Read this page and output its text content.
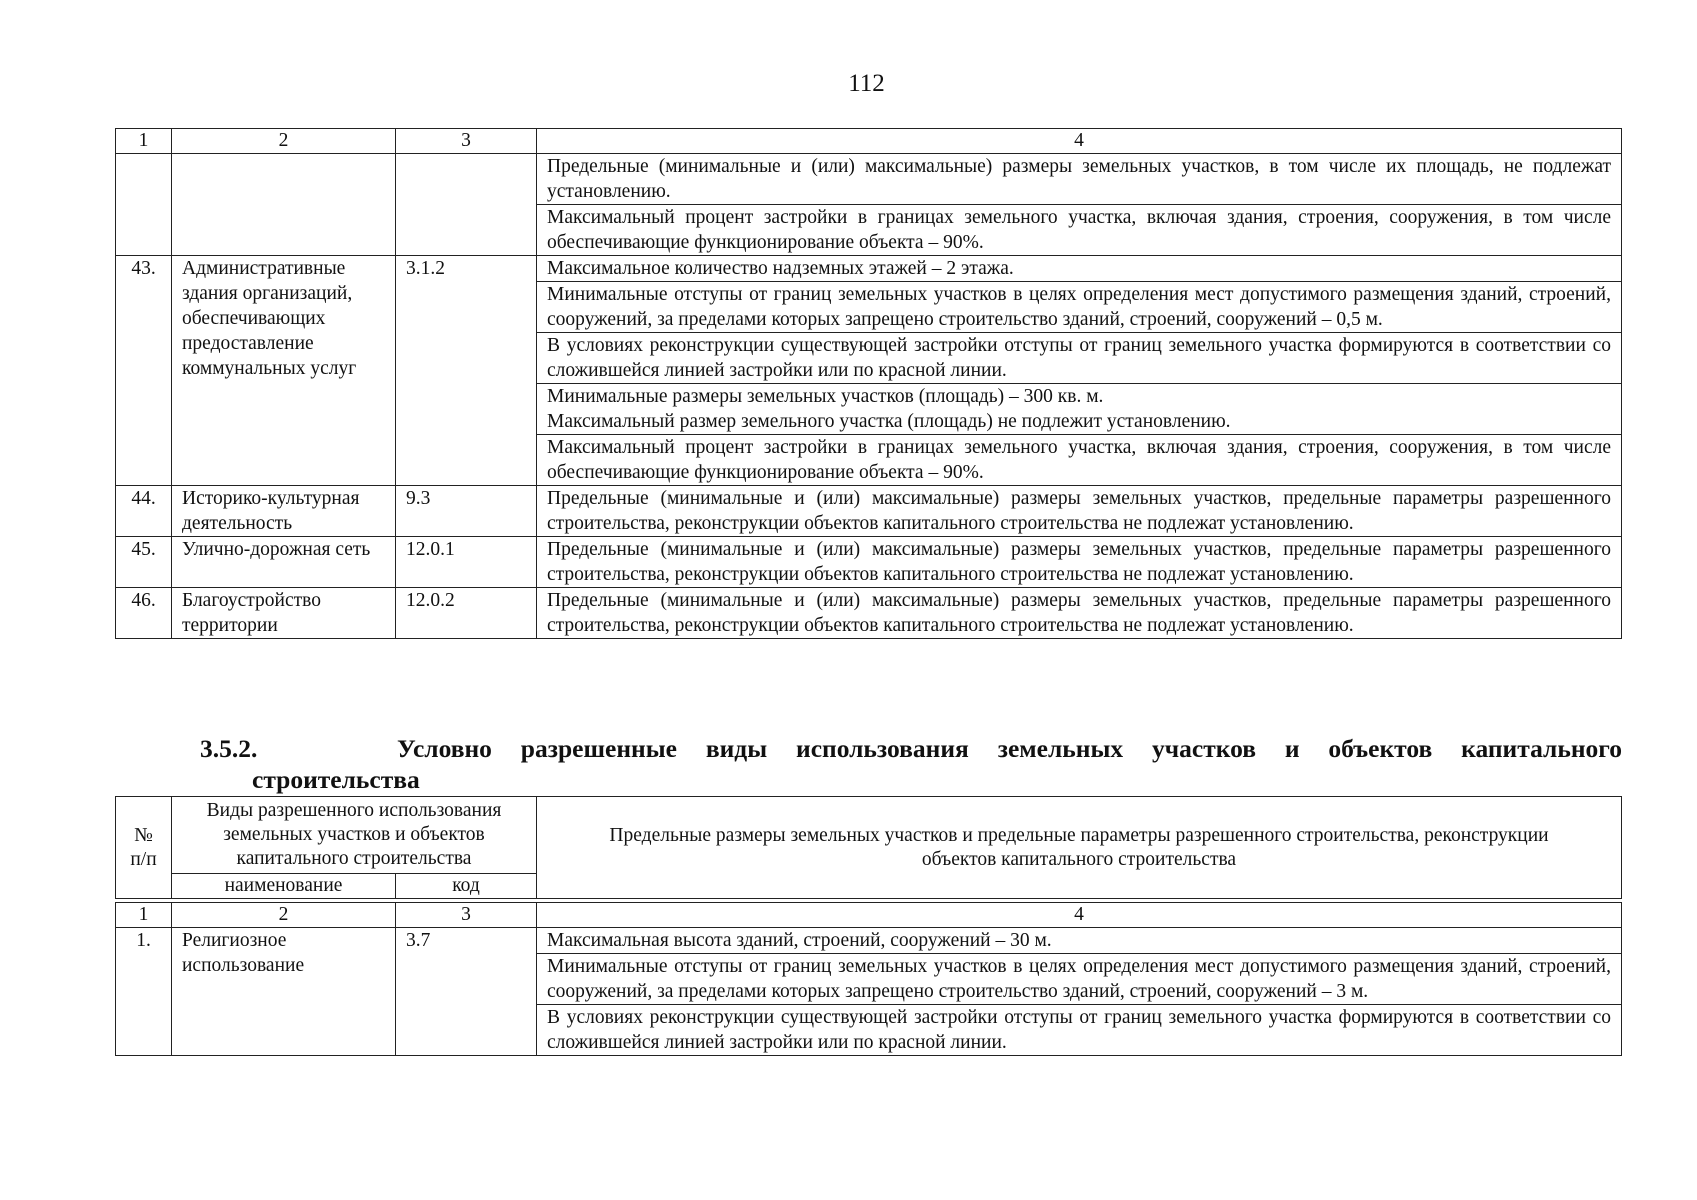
112
1	2	3	4
			Предельные (минимальные и (или) максимальные) размеры земельных участков, в том числе их площадь, не подлежат установлению.
			Максимальный процент застройки в границах земельного участка, включая здания, строения, сооружения, в том числе обеспечивающие функционирование объекта – 90%.
43.	Административные здания организаций, обеспечивающих предоставление коммунальных услуг	3.1.2	Максимальное количество надземных этажей – 2 этажа.
			Минимальные отступы от границ земельных участков в целях определения мест допустимого размещения зданий, строений, сооружений, за пределами которых запрещено строительство зданий, строений, сооружений – 0,5 м.
			В условиях реконструкции существующей застройки отступы от границ земельного участка формируются в соответствии со сложившейся линией застройки или по красной линии.
			Минимальные размеры земельных участков (площадь) – 300 кв. м.
Максимальный размер земельного участка (площадь) не подлежит установлению.
			Максимальный процент застройки в границах земельного участка, включая здания, строения, сооружения, в том числе обеспечивающие функционирование объекта – 90%.
44.	Историко-культурная деятельность	9.3	Предельные (минимальные и (или) максимальные) размеры земельных участков, предельные параметры разрешенного строительства, реконструкции объектов капитального строительства не подлежат установлению.
45.	Улично-дорожная сеть	12.0.1	Предельные (минимальные и (или) максимальные) размеры земельных участков, предельные параметры разрешенного строительства, реконструкции объектов капитального строительства не подлежат установлению.
46.	Благоустройство территории	12.0.2	Предельные (минимальные и (или) максимальные) размеры земельных участков, предельные параметры разрешенного строительства, реконструкции объектов капитального строительства не подлежат установлению.
3.5.2.	Условно разрешенные виды использования земельных участков и объектов капитального
строительства
№
п/п	Виды разрешенного использования земельных участков и объектов капитального строительства		Предельные размеры земельных участков и предельные параметры разрешенного строительства, реконструкции объектов капитального строительства
	наименование	код	
1	2	3	4
1.	Религиозное использование	3.7	Максимальная высота зданий, строений, сооружений – 30 м.
			Минимальные отступы от границ земельных участков в целях определения мест допустимого размещения зданий, строений, сооружений, за пределами которых запрещено строительство зданий, строений, сооружений – 3 м.
			В условиях реконструкции существующей застройки отступы от границ земельного участка формируются в соответствии со сложившейся линией застройки или по красной линии.
